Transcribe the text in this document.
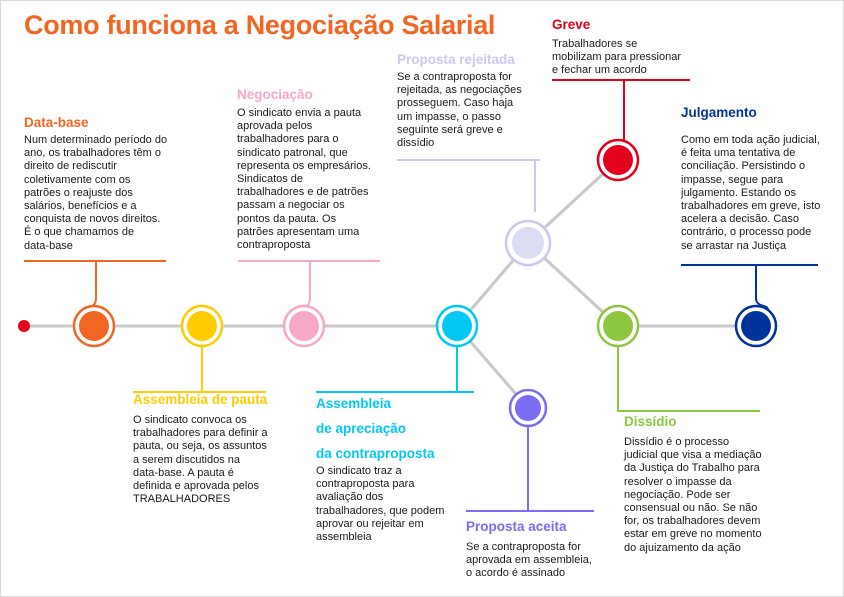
Como funciona a Negociação Salarial
Data-base
Num determinado período do
ano, os trabalhadores têm o
direito de rediscutir
coletivamente com os
patrões o reajuste dos
salários, benefícios e a
conquista de novos direitos.
É o que chamamos de
data-base
Negociação
O sindicato envia a pauta
aprovada pelos
trabalhadores para o
sindicato patronal, que
representa os empresários.
Sindicatos de
trabalhadores e de patrões
passam a negociar os
pontos da pauta. Os
patrões apresentam uma
contraproposta
Proposta rejeitada
Se a contraproposta for
rejeitada, as negociações
prosseguem. Caso haja
um impasse, o passo
seguinte será greve e
dissídio
Greve
Trabalhadores se
mobilizam para pressionar
e fechar um acordo
Julgamento
Como em toda ação judicial,
é feita uma tentativa de
conciliação. Persistindo o
impasse, segue para
julgamento. Estando os
trabalhadores em greve, isto
acelera a decisão. Caso
contrário, o processo pode
se arrastar na Justiça
Assembleia de pauta
O sindicato convoca os
trabalhadores para definir a
pauta, ou seja, os assuntos
a serem discutidos na
data-base. A pauta é
definida e aprovada pelos
TRABALHADORES
Assembleia
de apreciação
da contraproposta
O sindicato traz a
contraproposta para
avaliação dos
trabalhadores, que podem
aprovar ou rejeitar em
assembleia
Proposta aceita
Se a contraproposta for
aprovada em assembleia,
o acordo é assinado
Dissídio
Dissídio é o processo
judicial que visa a mediação
da Justiça do Trabalho para
resolver o impasse da
negociação. Pode ser
consensual ou não. Se não
for, os trabalhadores devem
estar em greve no momento
do ajuizamento da ação
